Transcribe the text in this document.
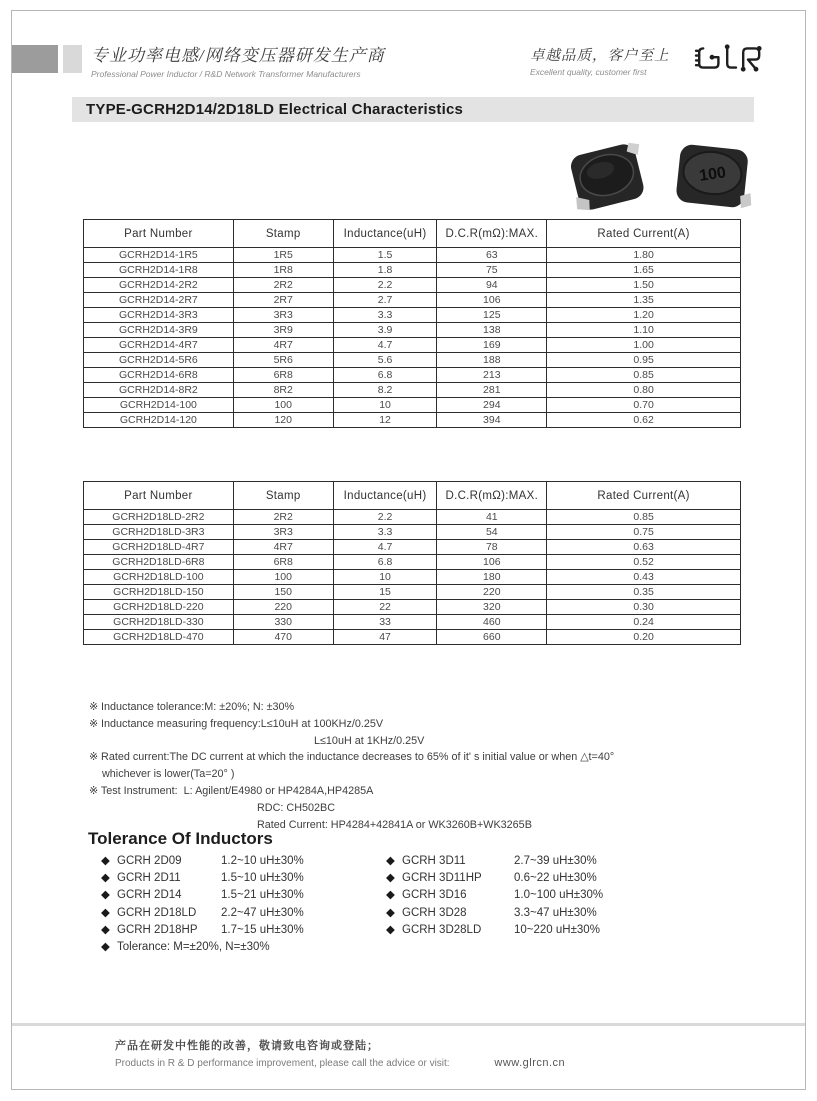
专业功率电感/网络变压器研发生产商
Professional Power Inductor / R&D Network Transformer Manufacturers
卓越品质，客户至上
Excellent quality, customer first
TYPE-GCRH2D14/2D18LD Electrical Characteristics
100
Part Number	Stamp	Inductance(uH)	D.C.R(mΩ):MAX.	Rated Current(A)
GCRH2D14-1R5	1R5	1.5	63	1.80
GCRH2D14-1R8	1R8	1.8	75	1.65
GCRH2D14-2R2	2R2	2.2	94	1.50
GCRH2D14-2R7	2R7	2.7	106	1.35
GCRH2D14-3R3	3R3	3.3	125	1.20
GCRH2D14-3R9	3R9	3.9	138	1.10
GCRH2D14-4R7	4R7	4.7	169	1.00
GCRH2D14-5R6	5R6	5.6	188	0.95
GCRH2D14-6R8	6R8	6.8	213	0.85
GCRH2D14-8R2	8R2	8.2	281	0.80
GCRH2D14-100	100	10	294	0.70
GCRH2D14-120	120	12	394	0.62
Part Number	Stamp	Inductance(uH)	D.C.R(mΩ):MAX.	Rated Current(A)
GCRH2D18LD-2R2	2R2	2.2	41	0.85
GCRH2D18LD-3R3	3R3	3.3	54	0.75
GCRH2D18LD-4R7	4R7	4.7	78	0.63
GCRH2D18LD-6R8	6R8	6.8	106	0.52
GCRH2D18LD-100	100	10	180	0.43
GCRH2D18LD-150	150	15	220	0.35
GCRH2D18LD-220	220	22	320	0.30
GCRH2D18LD-330	330	33	460	0.24
GCRH2D18LD-470	470	47	660	0.20
※ Inductance tolerance:M: ±20%; N: ±30%
※ Inductance measuring frequency:L≤10uH at 100KHz/0.25V
L≤10uH at 1KHz/0.25V
※ Rated current:The DC current at which the inductance decreases to 65% of it' s initial value or when △t=40°
whichever is lower(Ta=20° )
※ Test Instrument:  L: Agilent/E4980 or HP4284A,HP4285A
RDC: CH502BC
Rated Current: HP4284+42841A or WK3260B+WK3265B
Tolerance Of Inductors
◆ GCRH 2D09	1.2~10 uH±30%
◆ GCRH 2D11	1.5~10 uH±30%
◆ GCRH 2D14	1.5~21 uH±30%
◆ GCRH 2D18LD	2.2~47 uH±30%
◆ GCRH 2D18HP	1.7~15 uH±30%
◆ Tolerance: M=±20%, N=±30%
◆ GCRH 3D11	2.7~39 uH±30%
◆ GCRH 3D11HP	0.6~22 uH±30%
◆ GCRH 3D16	1.0~100 uH±30%
◆ GCRH 3D28	3.3~47 uH±30%
◆ GCRH 3D28LD	10~220 uH±30%
产品在研发中性能的改善，敬请致电咨询或登陆；
Products in R & D performance improvement, please call the advice or visit:	www.glrcn.cn
